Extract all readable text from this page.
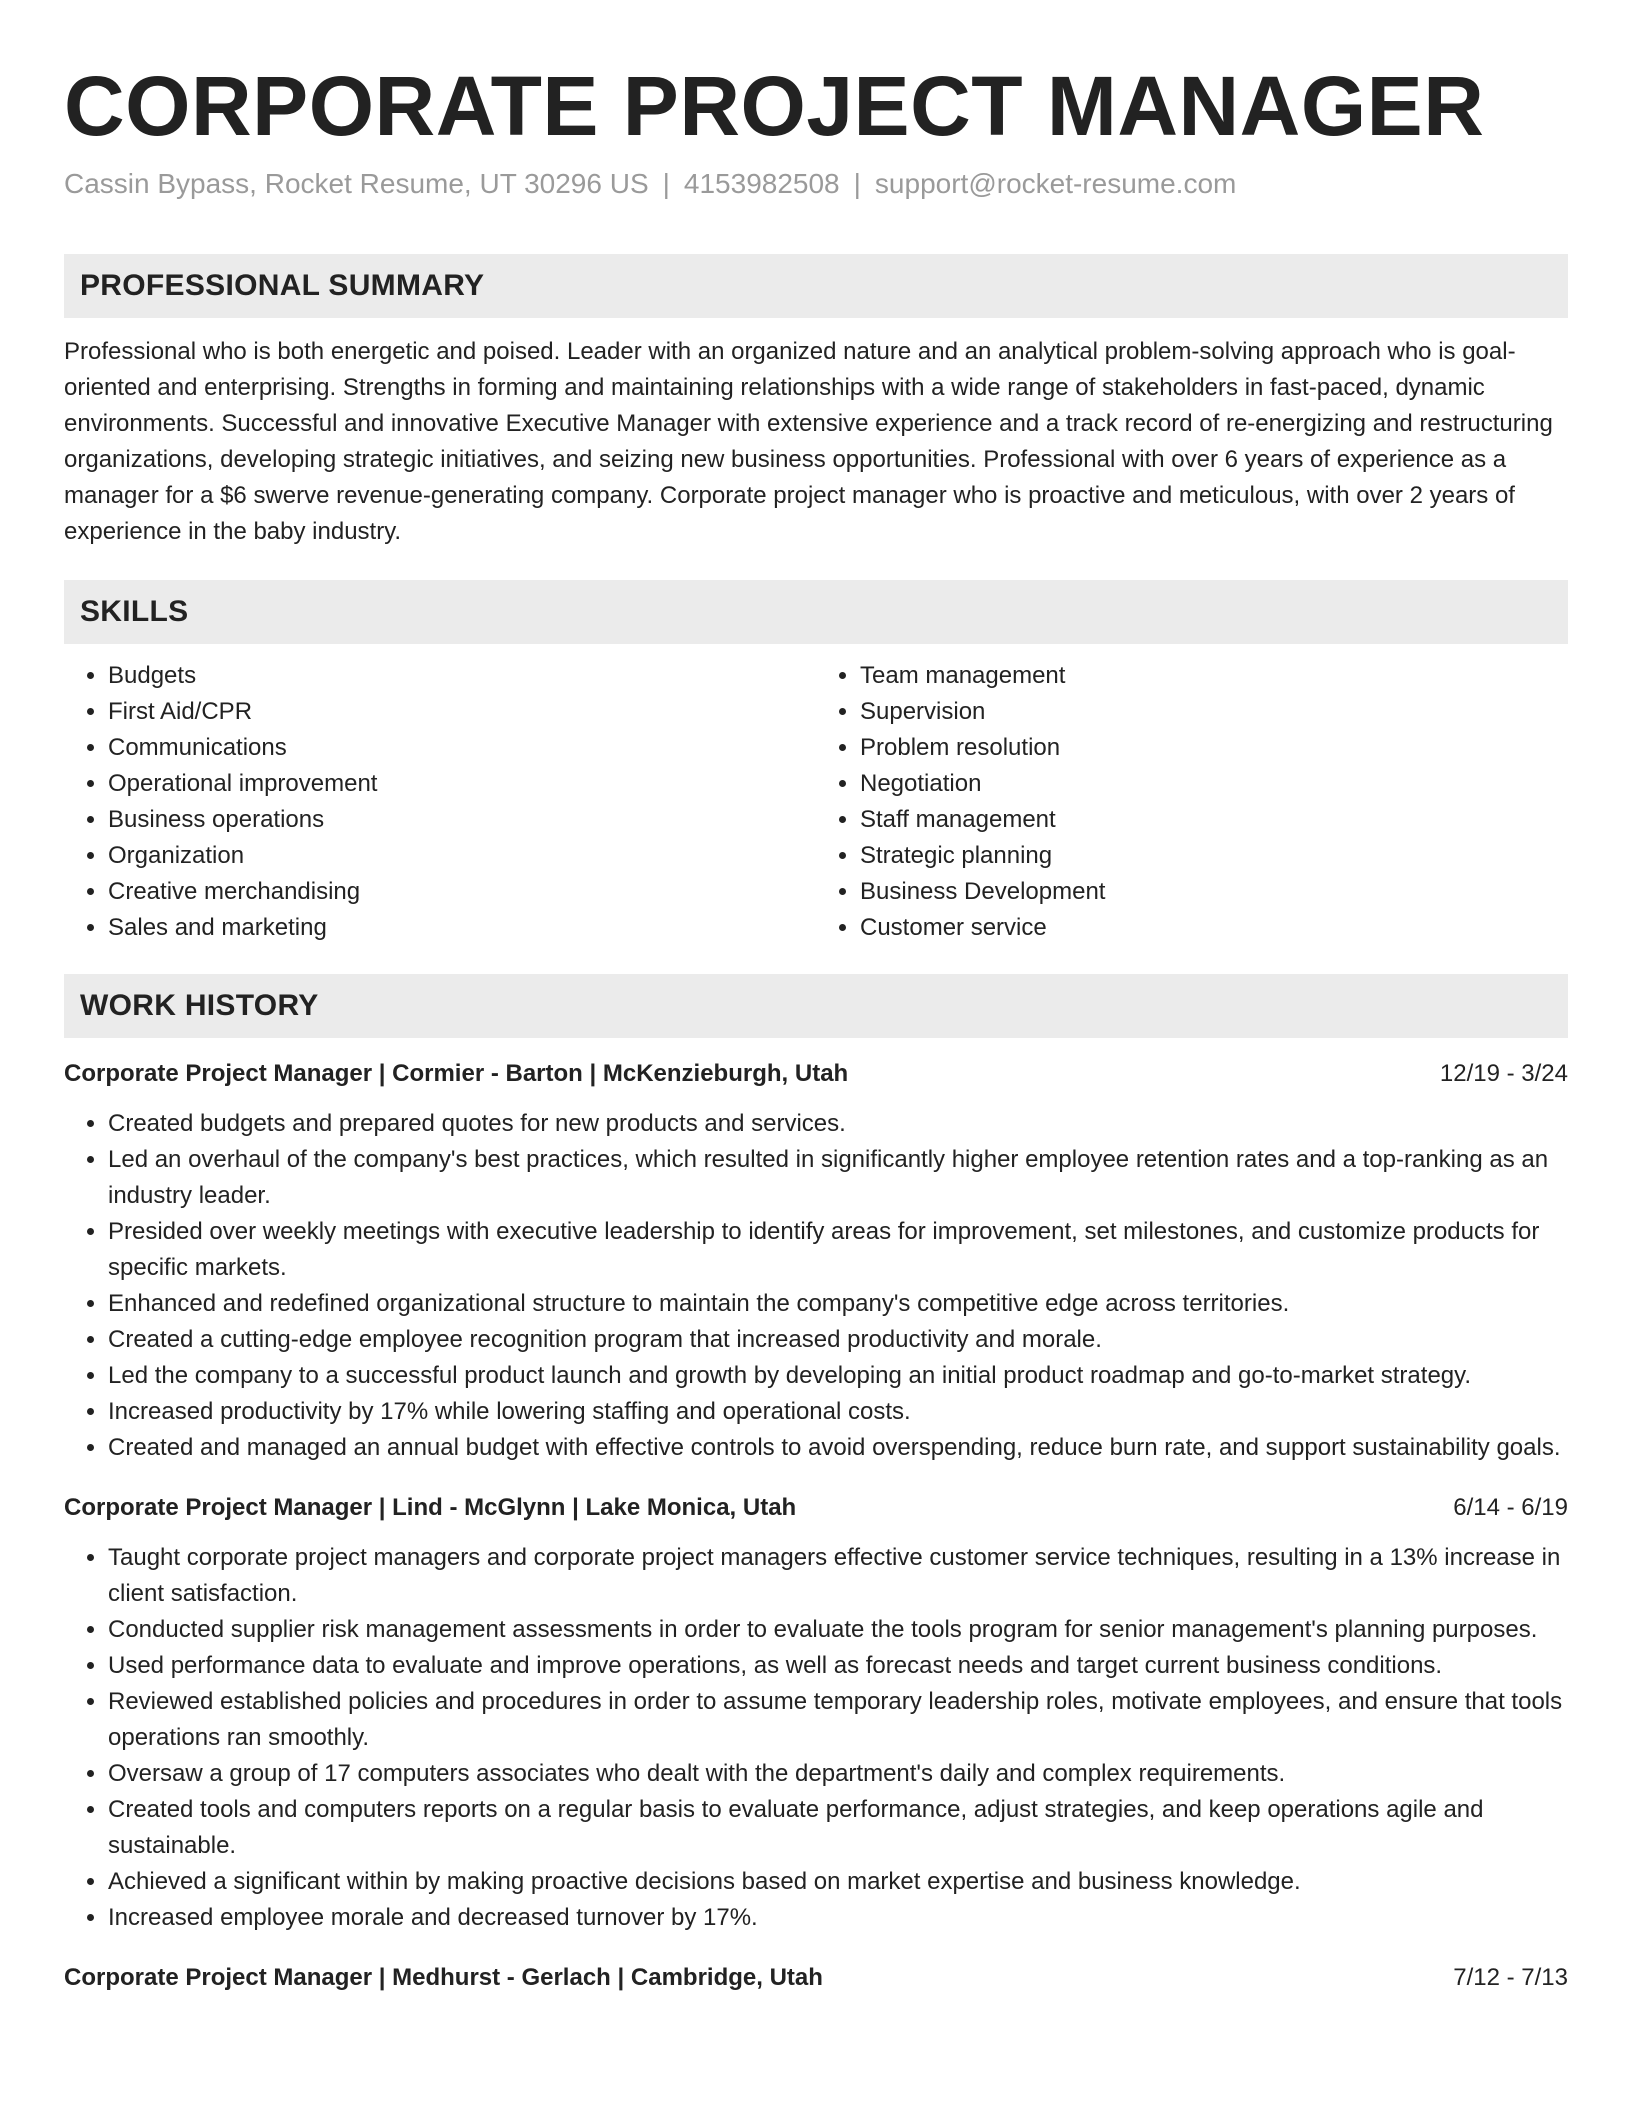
CORPORATE PROJECT MANAGER
Cassin Bypass, Rocket Resume, UT 30296 US | 4153982508 | support@rocket-resume.com
PROFESSIONAL SUMMARY
Professional who is both energetic and poised. Leader with an organized nature and an analytical problem-solving approach who is goal-oriented and enterprising. Strengths in forming and maintaining relationships with a wide range of stakeholders in fast-paced, dynamic environments. Successful and innovative Executive Manager with extensive experience and a track record of re-energizing and restructuring organizations, developing strategic initiatives, and seizing new business opportunities. Professional with over 6 years of experience as a manager for a $6 swerve revenue-generating company. Corporate project manager who is proactive and meticulous, with over 2 years of experience in the baby industry.
SKILLS
• Budgets
• First Aid/CPR
• Communications
• Operational improvement
• Business operations
• Organization
• Creative merchandising
• Sales and marketing
• Team management
• Supervision
• Problem resolution
• Negotiation
• Staff management
• Strategic planning
• Business Development
• Customer service
WORK HISTORY
Corporate Project Manager | Cormier - Barton | McKenzieburgh, Utah	12/19 - 3/24
• Created budgets and prepared quotes for new products and services.
• Led an overhaul of the company's best practices, which resulted in significantly higher employee retention rates and a top-ranking as an industry leader.
• Presided over weekly meetings with executive leadership to identify areas for improvement, set milestones, and customize products for specific markets.
• Enhanced and redefined organizational structure to maintain the company's competitive edge across territories.
• Created a cutting-edge employee recognition program that increased productivity and morale.
• Led the company to a successful product launch and growth by developing an initial product roadmap and go-to-market strategy.
• Increased productivity by 17% while lowering staffing and operational costs.
• Created and managed an annual budget with effective controls to avoid overspending, reduce burn rate, and support sustainability goals.
Corporate Project Manager | Lind - McGlynn | Lake Monica, Utah	6/14 - 6/19
• Taught corporate project managers and corporate project managers effective customer service techniques, resulting in a 13% increase in client satisfaction.
• Conducted supplier risk management assessments in order to evaluate the tools program for senior management's planning purposes.
• Used performance data to evaluate and improve operations, as well as forecast needs and target current business conditions.
• Reviewed established policies and procedures in order to assume temporary leadership roles, motivate employees, and ensure that tools operations ran smoothly.
• Oversaw a group of 17 computers associates who dealt with the department's daily and complex requirements.
• Created tools and computers reports on a regular basis to evaluate performance, adjust strategies, and keep operations agile and sustainable.
• Achieved a significant within by making proactive decisions based on market expertise and business knowledge.
• Increased employee morale and decreased turnover by 17%.
Corporate Project Manager | Medhurst - Gerlach | Cambridge, Utah	7/12 - 7/13
